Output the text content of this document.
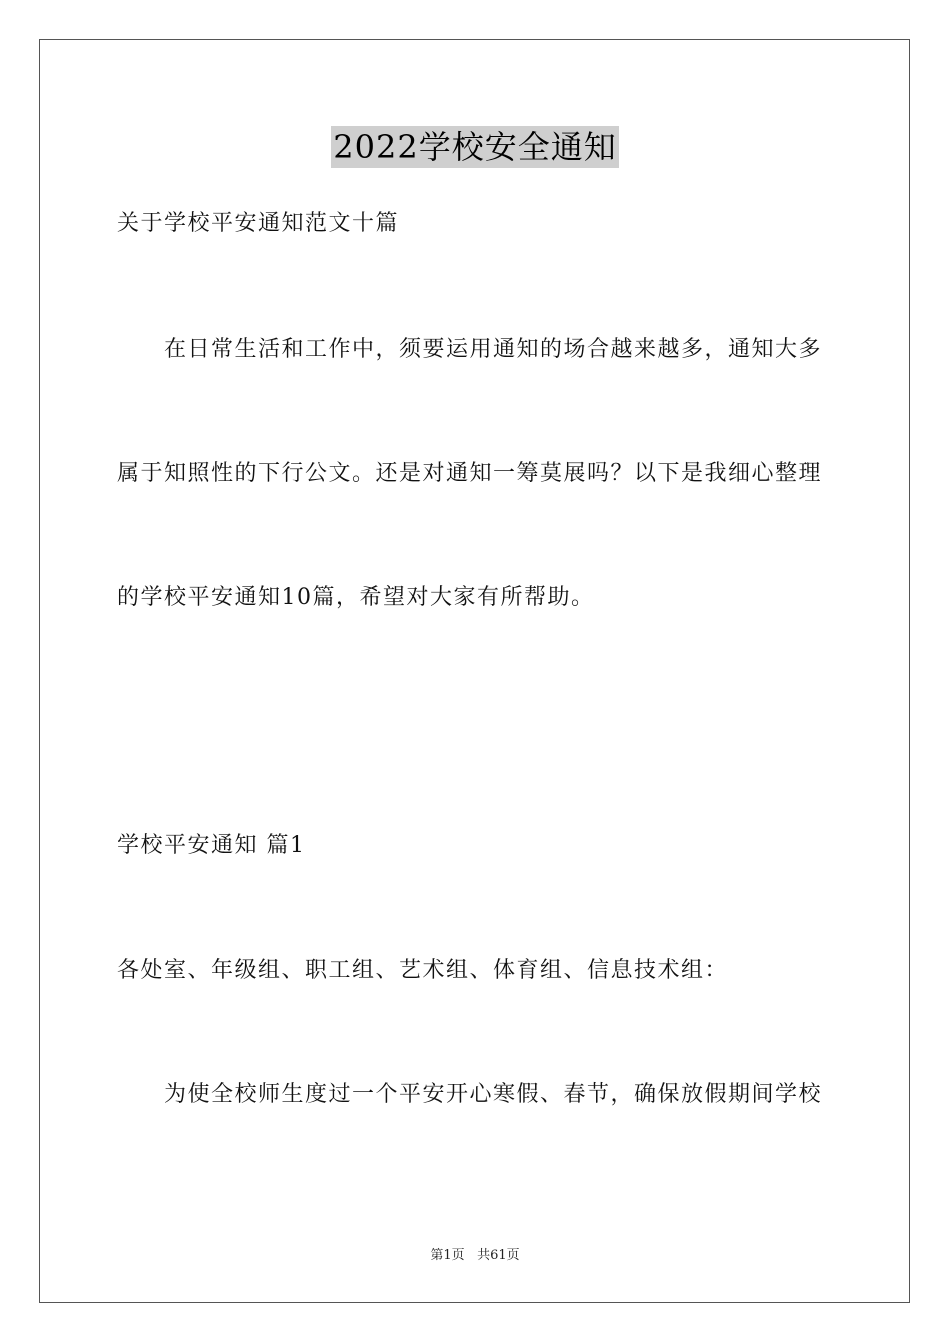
2022学校安全通知
关于学校平安通知范文十篇
在日常生活和工作中，须要运用通知的场合越来越多，通知大多
属于知照性的下行公文。还是对通知一筹莫展吗？以下是我细心整理
的学校平安通知10篇，希望对大家有所帮助。
学校平安通知 篇1
各处室、年级组、职工组、艺术组、体育组、信息技术组：
为使全校师生度过一个平安开心寒假、春节，确保放假期间学校
第1页 共61页
